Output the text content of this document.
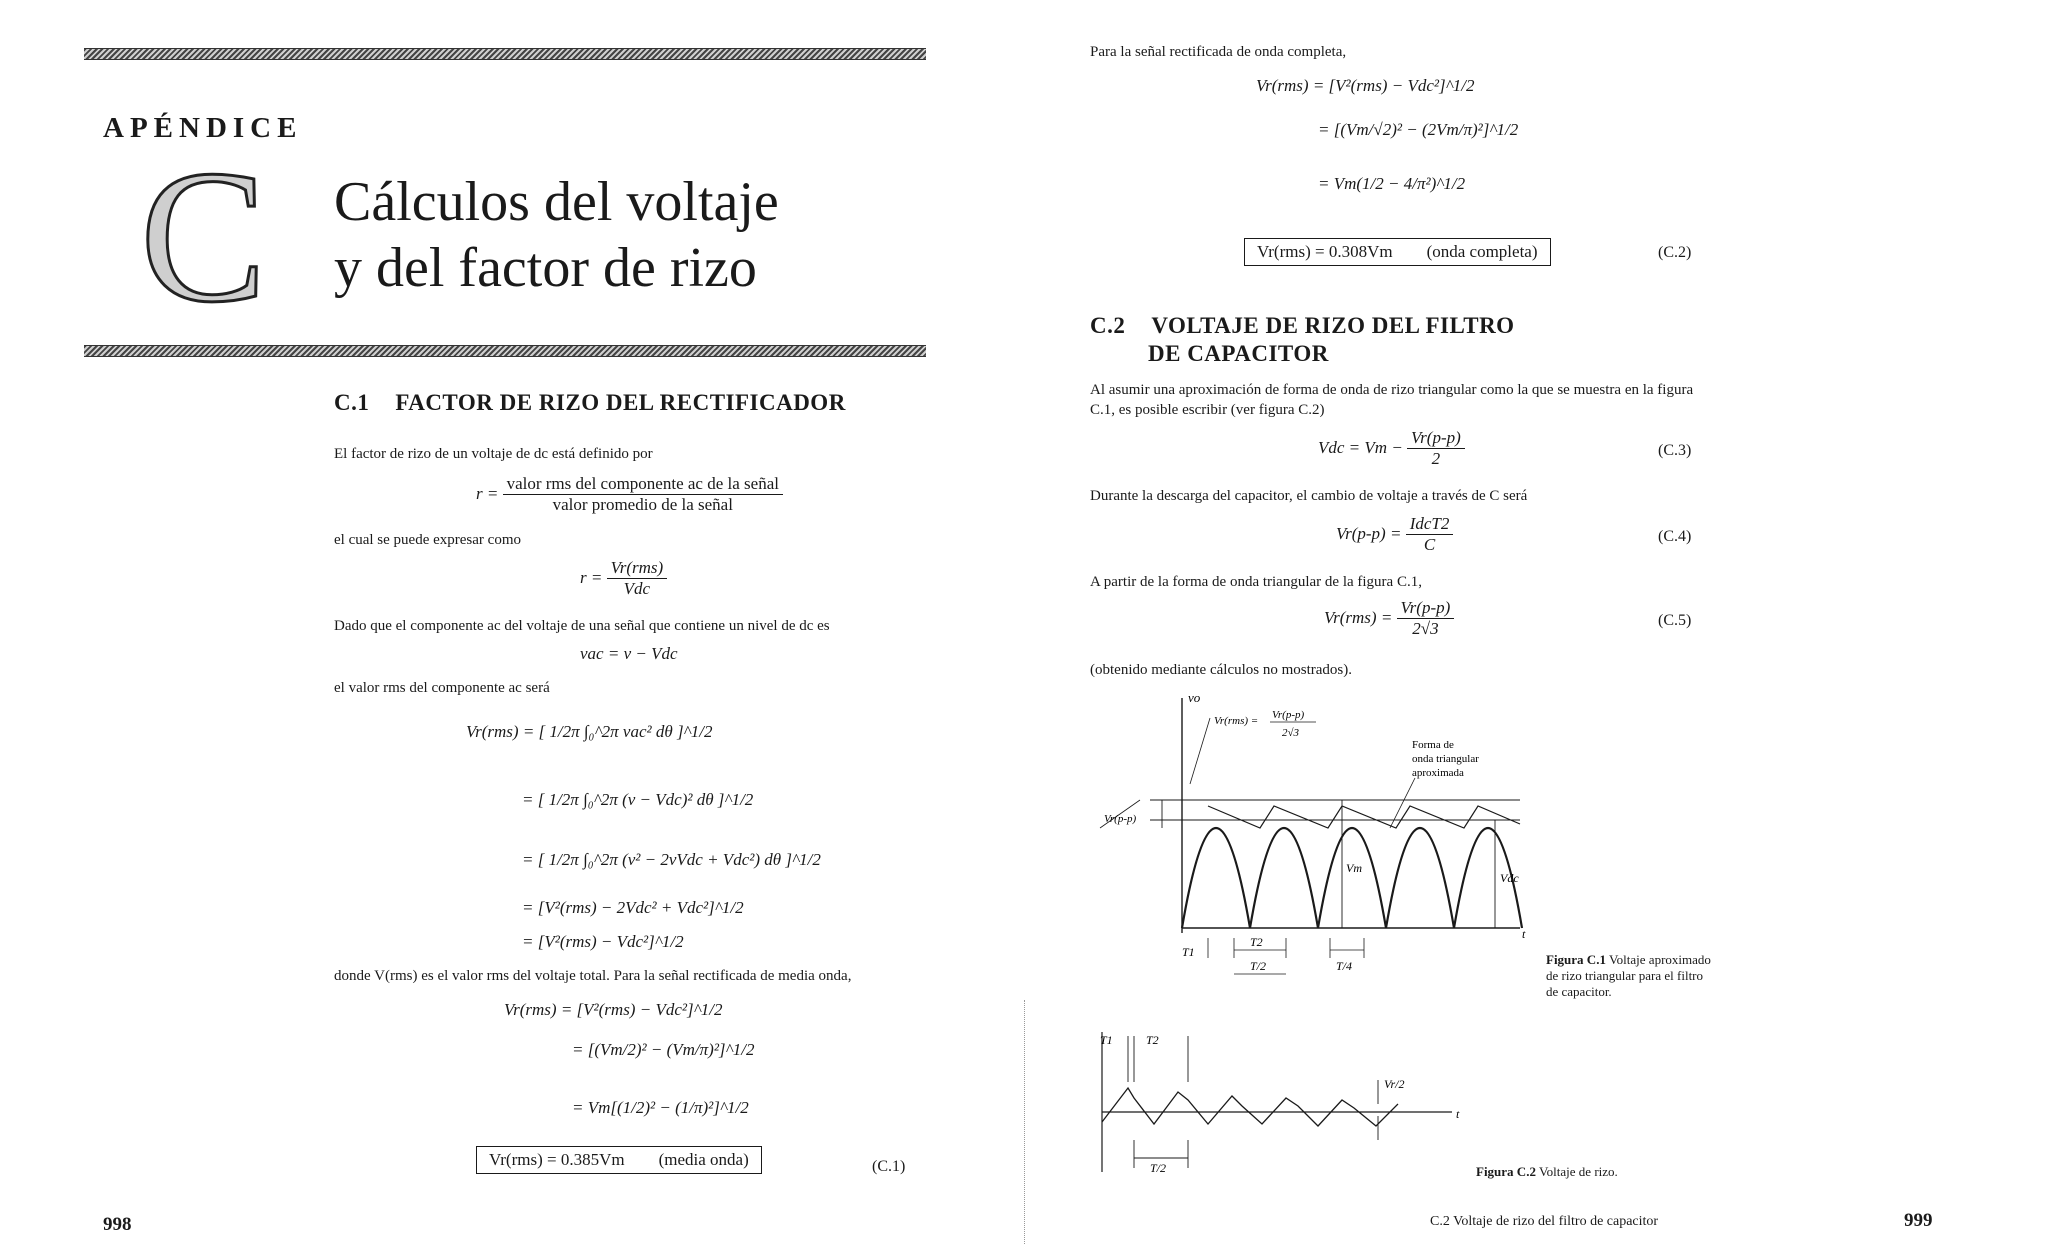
APÉNDICE
C Cálculos del voltaje
y del factor de rizo
C.1 FACTOR DE RIZO DEL RECTIFICADOR
El factor de rizo de un voltaje de dc está definido por
$r = \frac{\text{valor rms del componente ac de la señal}}{\text{valor promedio de la señal}}$
el cual se puede expresar como
$r = \frac{\text{Vr(rms)}}{\text{Vdc}}$
Dado que el componente ac del voltaje de una señal que contiene un nivel de dc es
vac = v − Vdc
el valor rms del componente ac será
Vr(rms) = [ 1/2π ∫₀^2π vac² dθ ]^1/2
= [ 1/2π ∫₀^2π (v − Vdc)² dθ ]^1/2
= [ 1/2π ∫₀^2π (v² − 2vVdc + Vdc²) dθ ]^1/2
= [V²(rms) − 2Vdc² + Vdc²]^1/2
= [V²(rms) − Vdc²]^1/2
donde V(rms) es el valor rms del voltaje total. Para la señal rectificada de media onda,
Vr(rms) = [V²(rms) − Vdc²]^1/2
= [(Vm/2)² − (Vm/π)²]^1/2
= Vm[(1/2)² − (1/π)²]^1/2
Vr(rms) = 0.385Vm (media onda)	(C.1)
998
Para la señal rectificada de onda completa,
Vr(rms) = [V²(rms) − Vdc²]^1/2
= [(Vm/√2)² − (2Vm/π)²]^1/2
= Vm(1/2 − 4/π²)^1/2
Vr(rms) = 0.308Vm (onda completa)	(C.2)
C.2 VOLTAJE DE RIZO DEL FILTRO
DE CAPACITOR
Al asumir una aproximación de forma de onda de rizo triangular como la que se muestra en la figura C.1, es posible escribir (ver figura C.2)
Vdc = $Vm - \frac{Vr(p-p)}{2}$	(C.3)
Durante la descarga del capacitor, el cambio de voltaje a través de C será
$Vr(p-p) = \frac{\text{IdcT2}}{C}$	(C.4)
A partir de la forma de onda triangular de la figura C.1,
$Vr(rms) = \frac{Vr(p-p)}{2√3}$	(C.5)
(obtenido mediante cálculos no mostrados).
vo
Vr(rms) = Vr(p-p)
2√3
Vr(p-p)
Forma de
onda triangular
aproximada
Vm
Vdc
t
T1
T2
T/2	T/4	Figura C.1 Voltaje aproximado de rizo triangular para el filtro de capacitor.
T1	T2
Vr/2
t
T/2	Figura C.2 Voltaje de rizo.
C.2 Voltaje de rizo del filtro de capacitor	999
